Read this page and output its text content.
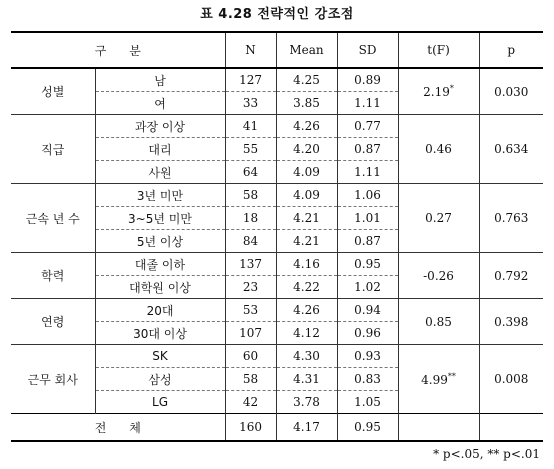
표 4.28 전략적인 강조점
구      분		N	Mean	SD	t(F)	p
성별	남	127	4.25	0.89	2.19*	0.030
	여	33	3.85	1.11		
직급	과장 이상	41	4.26	0.77	0.46	0.634
	대리	55	4.20	0.87		
	사원	64	4.09	1.11		
근속 년 수	3년 미만	58	4.09	1.06	0.27	0.763
	3~5년 미만	18	4.21	1.01		
	5년 이상	84	4.21	0.87		
학력	대졸 이하	137	4.16	0.95	-0.26	0.792
	대학원 이상	23	4.22	1.02		
연령	20대	53	4.26	0.94	0.85	0.398
	30대 이상	107	4.12	0.96		
근무 회사	SK	60	4.30	0.93	4.99**	0.008
	삼성	58	4.31	0.83		
	LG	42	3.78	1.05		
전      체		160	4.17	0.95		
* p<.05, ** p<.01
